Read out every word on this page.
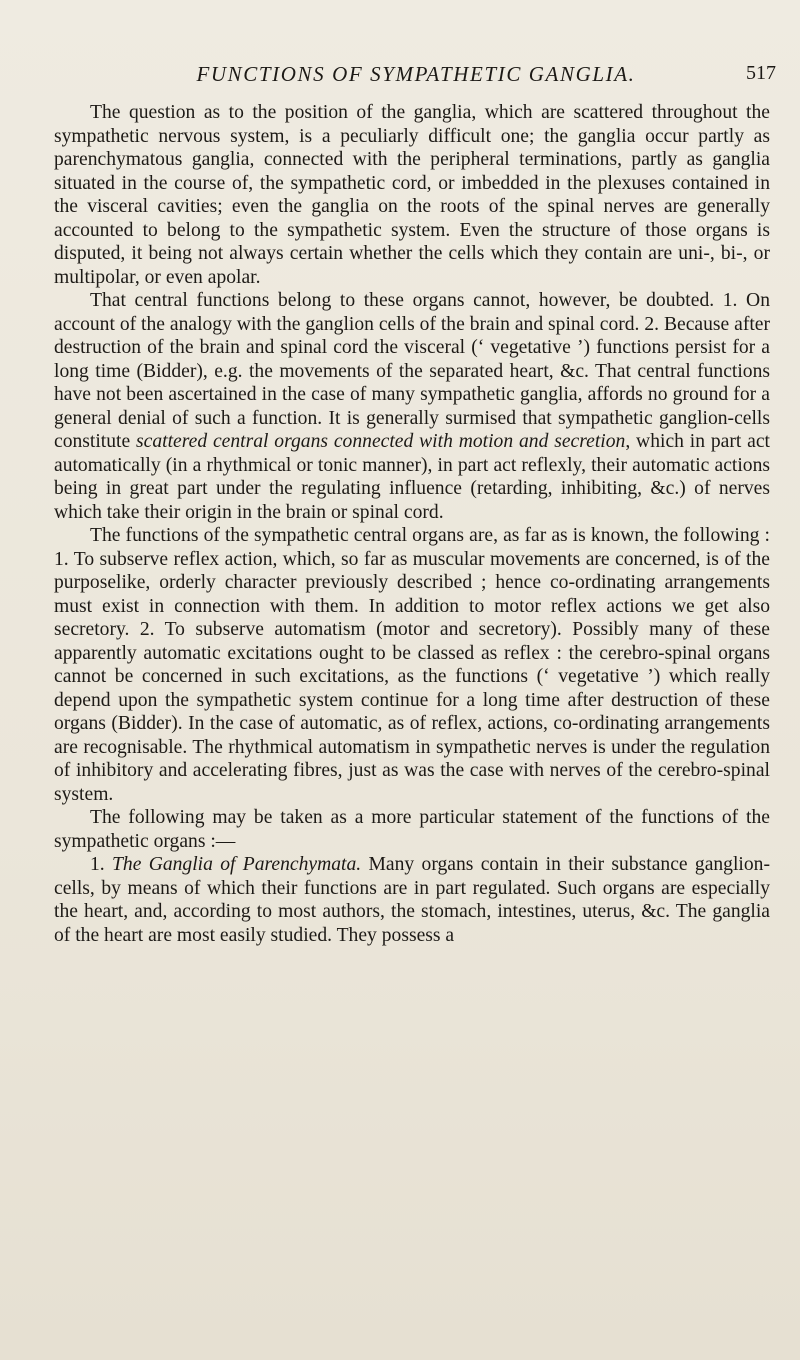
FUNCTIONS OF SYMPATHETIC GANGLIA.	517

The question as to the position of the ganglia, which are scattered throughout the sympathetic nervous system, is a peculiarly difficult one; the ganglia occur partly as parenchymatous ganglia, connected with the peripheral terminations, partly as ganglia situated in the course of, the sympathetic cord, or imbedded in the plexuses contained in the visceral cavities; even the ganglia on the roots of the spinal nerves are generally accounted to belong to the sympathetic system. Even the structure of those organs is disputed, it being not always certain whether the cells which they contain are uni-, bi-, or multipolar, or even apolar.

That central functions belong to these organs cannot, however, be doubted. 1. On account of the analogy with the ganglion cells of the brain and spinal cord. 2. Because after destruction of the brain and spinal cord the visceral (‘ vegetative ’) functions persist for a long time (Bidder), e.g. the movements of the separated heart, &c. That central functions have not been ascertained in the case of many sympathetic ganglia, affords no ground for a general denial of such a function. It is generally surmised that sympathetic ganglion-cells constitute scattered central organs connected with motion and secretion, which in part act automatically (in a rhythmical or tonic manner), in part act reflexly, their automatic actions being in great part under the regulating influence (retarding, inhibiting, &c.) of nerves which take their origin in the brain or spinal cord.

The functions of the sympathetic central organs are, as far as is known, the following : 1. To subserve reflex action, which, so far as muscular movements are concerned, is of the purposelike, orderly character previously described ; hence co-ordinating arrangements must exist in connection with them. In addition to motor reflex actions we get also secretory. 2. To subserve automatism (motor and secretory). Possibly many of these apparently automatic excitations ought to be classed as reflex : the cerebro-spinal organs cannot be concerned in such excitations, as the functions (‘ vegetative ’) which really depend upon the sympathetic system continue for a long time after destruction of these organs (Bidder). In the case of automatic, as of reflex, actions, co-ordinating arrangements are recognisable. The rhythmical automatism in sympathetic nerves is under the regulation of inhibitory and accelerating fibres, just as was the case with nerves of the cerebro-spinal system.

The following may be taken as a more particular statement of the functions of the sympathetic organs :—

1. The Ganglia of Parenchymata. Many organs contain in their substance ganglion-cells, by means of which their functions are in part regulated. Such organs are especially the heart, and, according to most authors, the stomach, intestines, uterus, &c. The ganglia of the heart are most easily studied. They possess a
